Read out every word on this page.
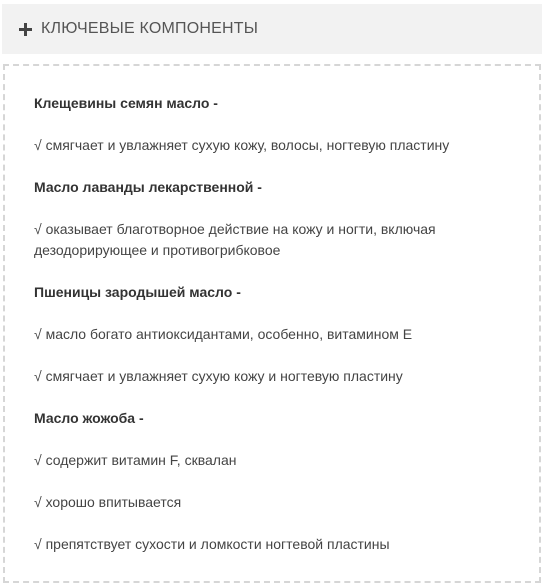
КЛЮЧЕВЫЕ КОМПОНЕНТЫ
Клещевины семян масло -
√ смягчает и увлажняет сухую кожу, волосы, ногтевую пластину
Масло лаванды лекарственной -
√ оказывает благотворное действие на кожу и ногти, включая дезодорирующее и противогрибковое
Пшеницы зародышей масло -
√ масло богато антиоксидантами, особенно, витамином Е
√ смягчает и увлажняет сухую кожу и ногтевую пластину
Масло жожоба -
√ содержит витамин F, сквалан
√ хорошо впитывается
√ препятствует сухости и ломкости ногтевой пластины
